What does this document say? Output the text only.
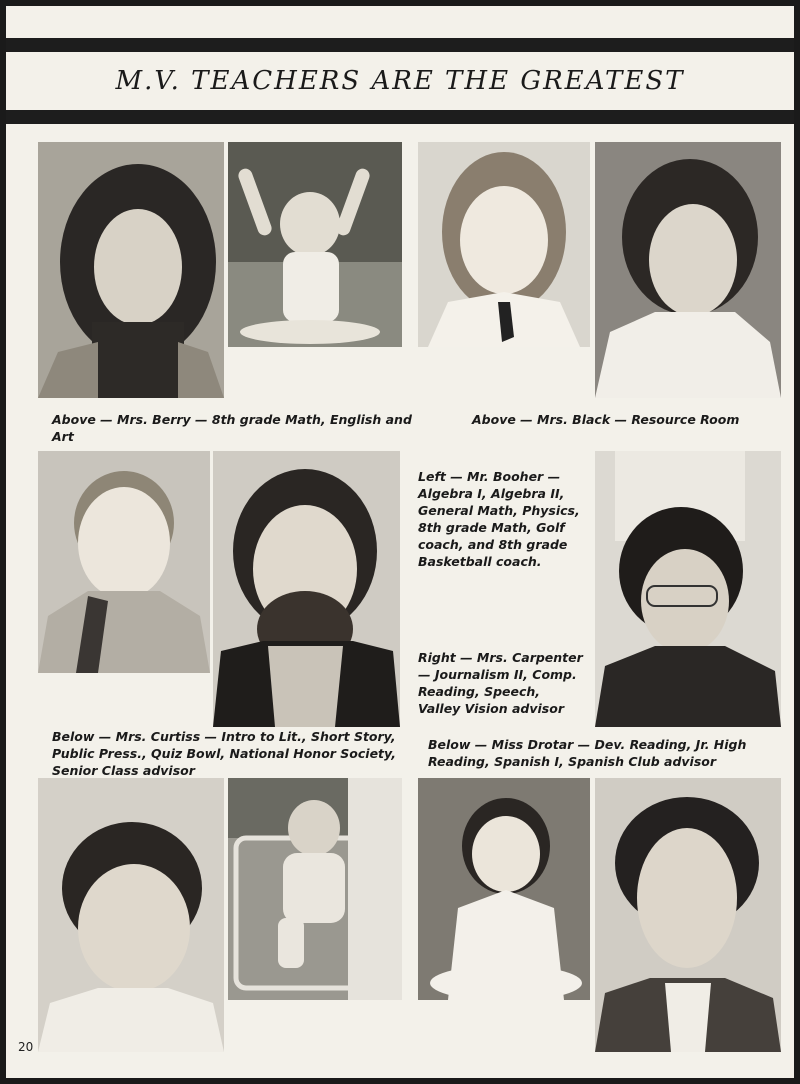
M.V. TEACHERS ARE THE GREATEST
Above — Mrs. Berry — 8th grade Math, English and Art
Above — Mrs. Black — Resource Room
Left — Mr. Booher — Algebra I, Algebra II, General Math, Physics, 8th grade Math, Golf coach, and 8th grade Basketball coach.
Right — Mrs. Carpenter — Journalism II, Comp. Reading, Speech, Valley Vision advisor
Below — Mrs. Curtiss — Intro to Lit., Short Story, Public Press., Quiz Bowl, National Honor Society, Senior Class advisor
Below — Miss Drotar — Dev. Reading, Jr. High Reading, Spanish I, Spanish Club advisor
20
